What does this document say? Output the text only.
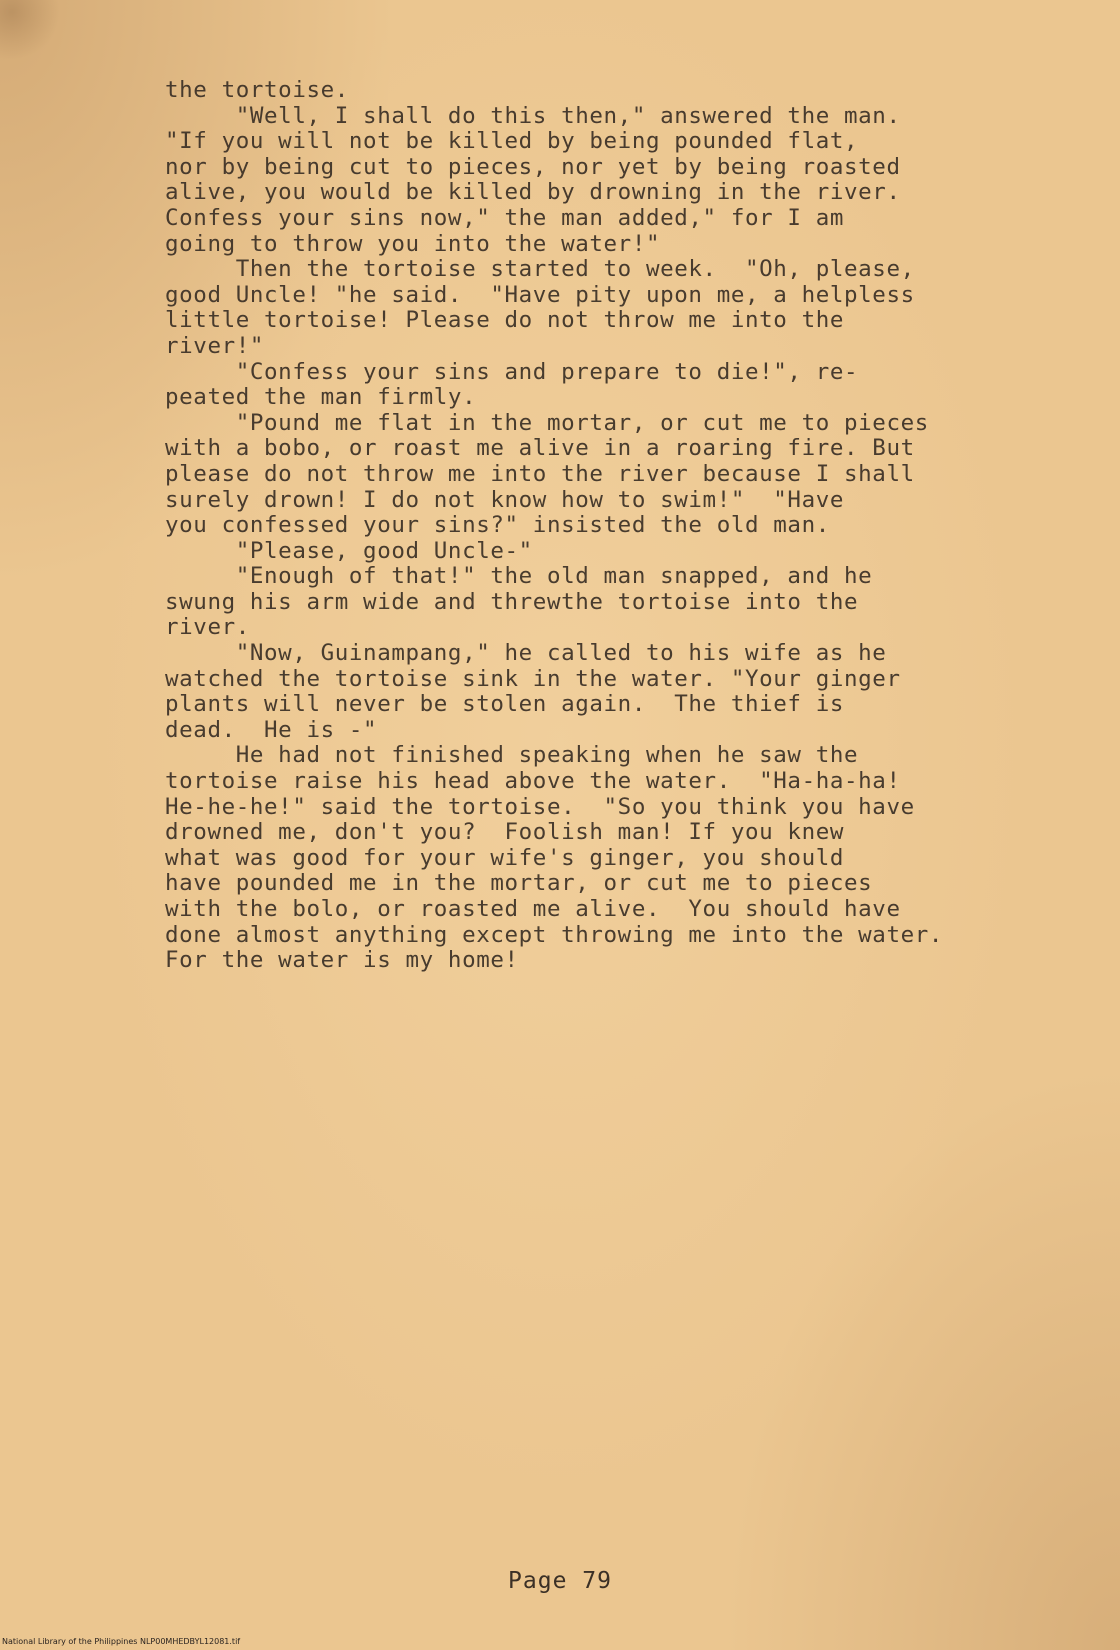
the tortoise.
"Well, I shall do this then," answered the man.
"If you will not be killed by being pounded flat,
nor by being cut to pieces, nor yet by being roasted
alive, you would be killed by drowning in the river.
Confess your sins now," the man added," for I am
going to throw you into the water!"
Then the tortoise started to week.  "Oh, please,
good Uncle! "he said.  "Have pity upon me, a helpless
little tortoise! Please do not throw me into the
river!"
"Confess your sins and prepare to die!", re-
peated the man firmly.
"Pound me flat in the mortar, or cut me to pieces
with a bobo, or roast me alive in a roaring fire. But
please do not throw me into the river because I shall
surely drown! I do not know how to swim!"  "Have
you confessed your sins?" insisted the old man.
"Please, good Uncle-"
"Enough of that!" the old man snapped, and he
swung his arm wide and threwthe tortoise into the
river.
"Now, Guinampang," he called to his wife as he
watched the tortoise sink in the water. "Your ginger
plants will never be stolen again.  The thief is
dead.  He is -"
He had not finished speaking when he saw the
tortoise raise his head above the water.  "Ha-ha-ha!
He-he-he!" said the tortoise.  "So you think you have
drowned me, don't you?  Foolish man! If you knew
what was good for your wife's ginger, you should
have pounded me in the mortar, or cut me to pieces
with the bolo, or roasted me alive.  You should have
done almost anything except throwing me into the water.
For the water is my home!
Page 79
National Library of the Philippines NLP00MHEDBYL12081.tif
